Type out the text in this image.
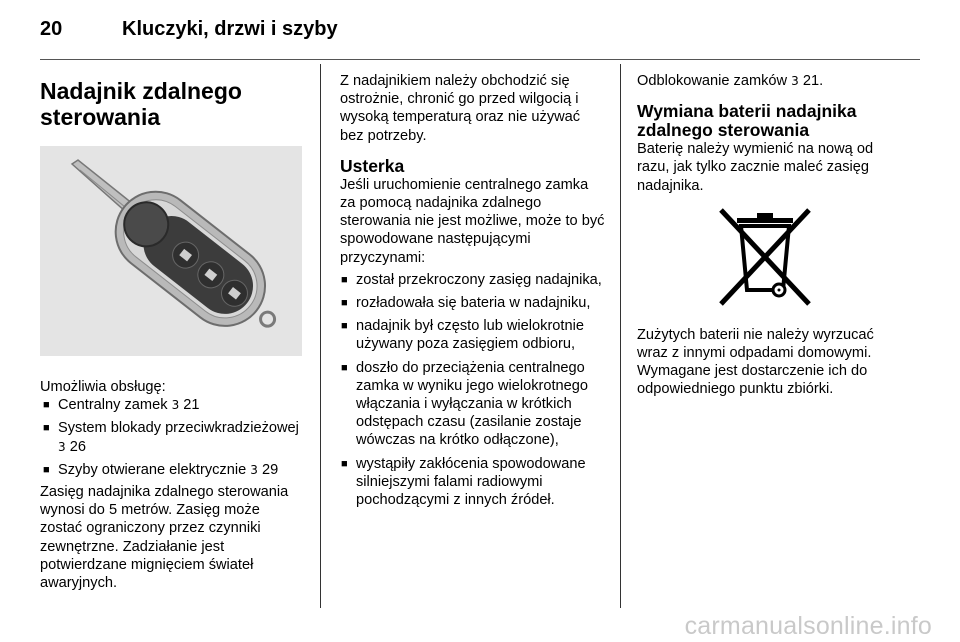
20	Kluczyki, drzwi i szyby
Nadajnik zdalnego sterowania

Umożliwia obsługę:

■ Centralny zamek 3 21
■ System blokady przeciwkradzieżowej 3 26
■ Szyby otwierane elektrycznie 3 29

Zasięg nadajnika zdalnego sterowania wynosi do 5 metrów. Zasięg może zostać ograniczony przez czynniki zewnętrzne. Zadziałanie jest potwierdzane mignięciem świateł awaryjnych.

Z nadajnikiem należy obchodzić się ostrożnie, chronić go przed wilgocią i wysoką temperaturą oraz nie używać bez potrzeby.

Usterka

Jeśli uruchomienie centralnego zamka za pomocą nadajnika zdalnego sterowania nie jest możliwe, może to być spowodowane następującymi przyczynami:

■ został przekroczony zasięg nadajnika,
■ rozładowała się bateria w nadajniku,
■ nadajnik był często lub wielokrotnie używany poza zasięgiem odbioru,
■ doszło do przeciążenia centralnego zamka w wyniku jego wielokrotnego włączania i wyłączania w krótkich odstępach czasu (zasilanie zostaje wówczas na krótko odłączone),
■ wystąpiły zakłócenia spowodowane silniejszymi falami radiowymi pochodzącymi z innych źródeł.

Odblokowanie zamków 3 21.

Wymiana baterii nadajnika zdalnego sterowania

Baterię należy wymienić na nową od razu, jak tylko zacznie maleć zasięg nadajnika.

Zużytych baterii nie należy wyrzucać wraz z innymi odpadami domowymi. Wymagane jest dostarczenie ich do odpowiedniego punktu zbiórki.

carmanualsonline.info
